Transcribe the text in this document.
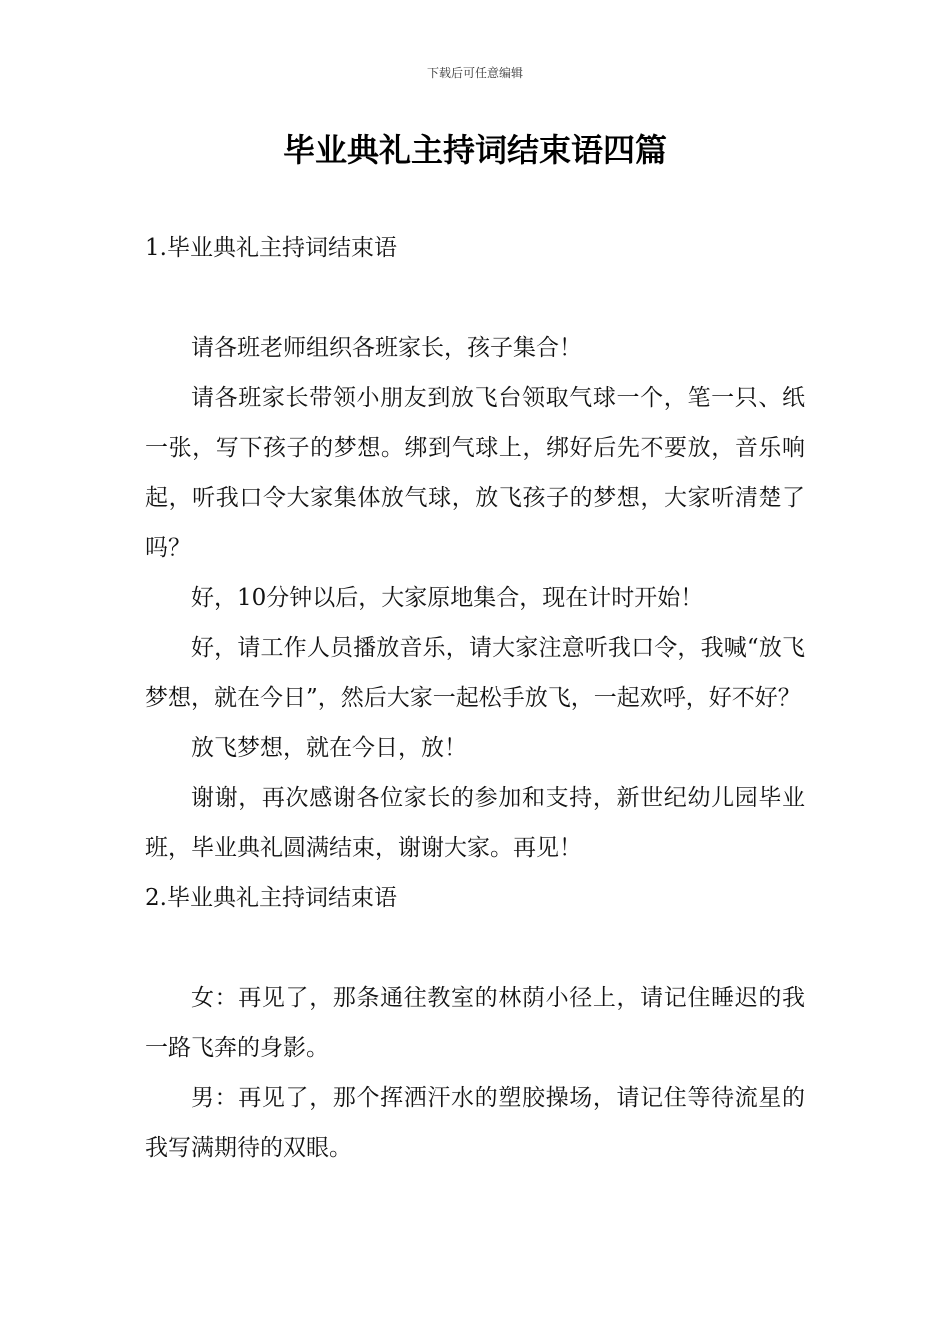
下载后可任意编辑
毕业典礼主持词结束语四篇
1.毕业典礼主持词结束语

请各班老师组织各班家长，孩子集合！

请各班家长带领小朋友到放飞台领取气球一个，笔一只、纸一张，写下孩子的梦想。绑到气球上，绑好后先不要放，音乐响起，听我口令大家集体放气球，放飞孩子的梦想，大家听清楚了吗？

好，10分钟以后，大家原地集合，现在计时开始！

好，请工作人员播放音乐，请大家注意听我口令，我喊“放飞梦想，就在今日”，然后大家一起松手放飞，一起欢呼，好不好？

放飞梦想，就在今日，放！

谢谢，再次感谢各位家长的参加和支持，新世纪幼儿园毕业班，毕业典礼圆满结束，谢谢大家。再见！

2.毕业典礼主持词结束语

女：再见了，那条通往教室的林荫小径上，请记住睡迟的我一路飞奔的身影。

男：再见了，那个挥洒汗水的塑胶操场，请记住等待流星的我写满期待的双眼。
